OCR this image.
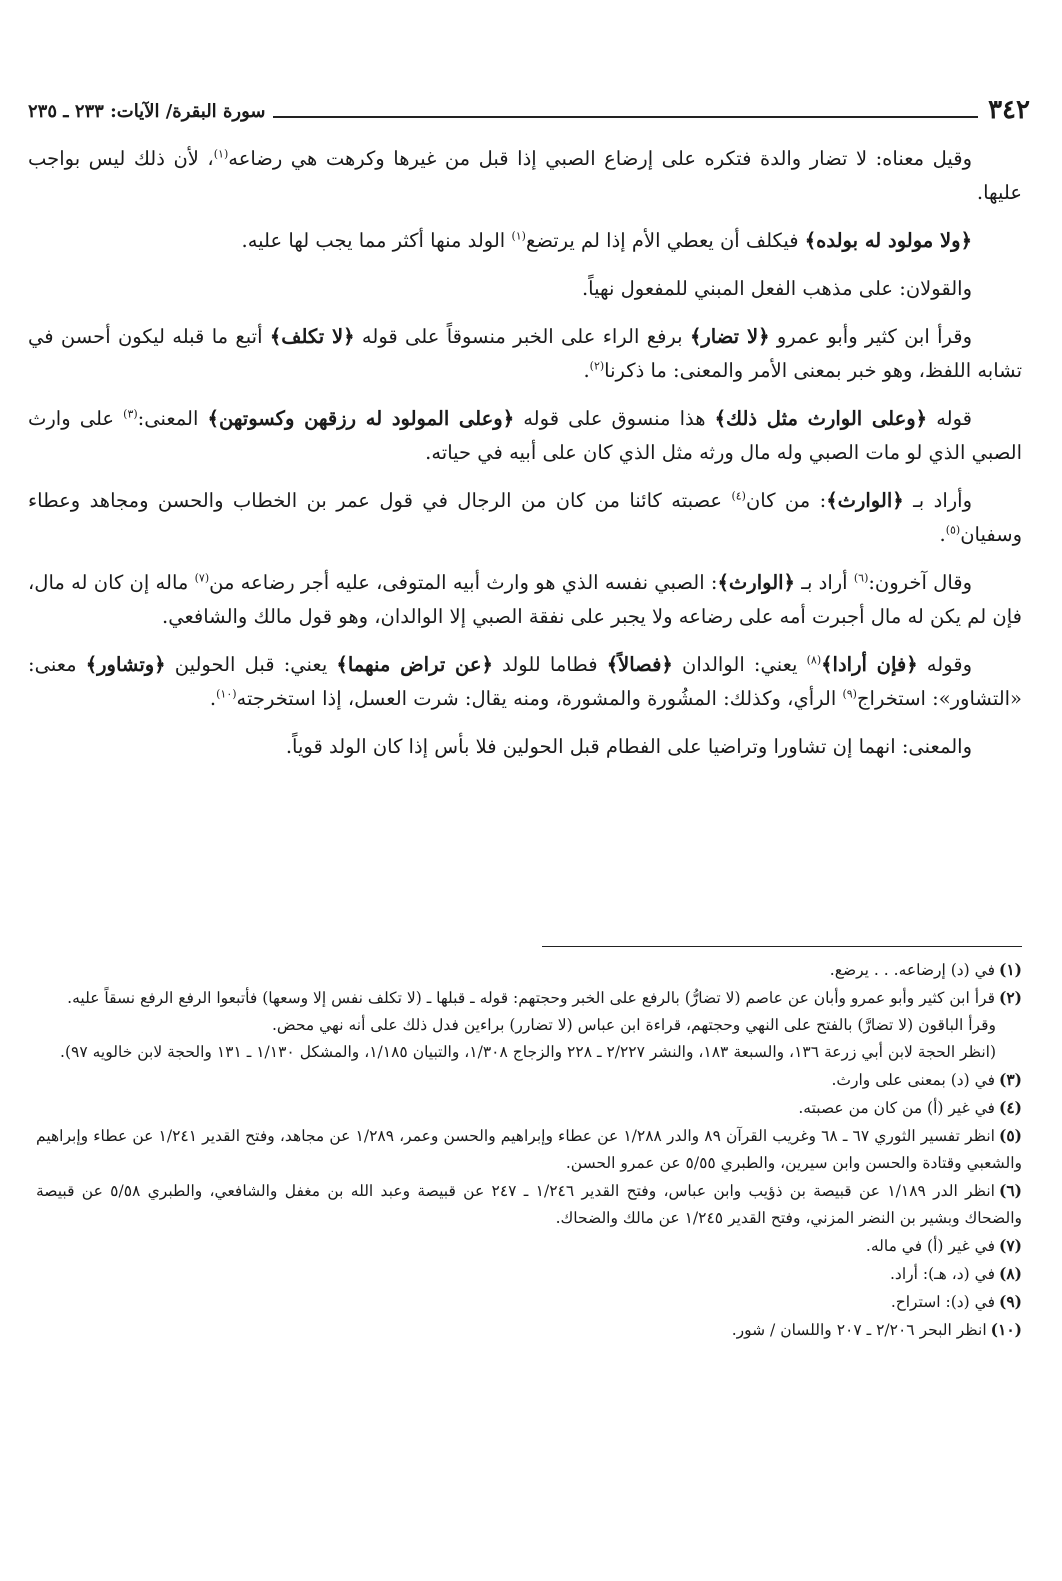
٣٤٢
سورة البقرة/ الآيات: ٢٣٣ ـ ٢٣٥

وقيل معناه: لا تضار والدة فتكره على إرضاع الصبي إذا قبل من غيرها وكرهت هي رضاعه$^{(١)}$، لأن ذلك ليس بواجب عليها.

﴿ولا مولود له بولده﴾ فيكلف أن يعطي الأم إذا لم يرتضع$^{(١)}$ الولد منها أكثر مما يجب لها عليه.

والقولان: على مذهب الفعل المبني للمفعول نهياً.

وقرأ ابن كثير وأبو عمرو ﴿لا تضار﴾ برفع الراء على الخبر منسوقاً على قوله ﴿لا تكلف﴾ أتبع ما قبله ليكون أحسن في تشابه اللفظ، وهو خبر بمعنى الأمر والمعنى: ما ذكرنا$^{(٢)}$.

قوله ﴿وعلى الوارث مثل ذلك﴾ هذا منسوق على قوله ﴿وعلى المولود له رزقهن وكسوتهن﴾ المعنى:$^{(٣)}$ على وارث الصبي الذي لو مات الصبي وله مال ورثه مثل الذي كان على أبيه في حياته.

وأراد بـ ﴿الوارث﴾: من كان$^{(٤)}$ عصبته كائنا من كان من الرجال في قول عمر بن الخطاب والحسن ومجاهد وعطاء وسفيان$^{(٥)}$.

وقال آخرون:$^{(٦)}$ أراد بـ ﴿الوارث﴾: الصبي نفسه الذي هو وارث أبيه المتوفى، عليه أجر رضاعه من$^{(٧)}$ ماله إن كان له مال، فإن لم يكن له مال أجبرت أمه على رضاعه ولا يجبر على نفقة الصبي إلا الوالدان، وهو قول مالك والشافعي.

وقوله ﴿فإن أرادا﴾$^{(٨)}$ يعني: الوالدان ﴿فصالاً﴾ فطاما للولد ﴿عن تراض منهما﴾ يعني: قبل الحولين ﴿وتشاور﴾ معنى: «التشاور»: استخراج$^{(٩)}$ الرأي، وكذلك: المشُورة والمشورة، ومنه يقال: شرت العسل، إذا استخرجته$^{(١٠)}$.

والمعنى: انهما إن تشاورا وتراضيا على الفطام قبل الحولين فلا بأس إذا كان الولد قوياً.

(١)في (د) إرضاعه. . . يرضع.

(٢)قرأ ابن كثير وأبو عمرو وأبان عن عاصم (لا تضارُّ) بالرفع على الخبر وحجتهم: قوله ـ قبلها ـ (لا تكلف نفس إلا وسعها) فأتبعوا الرفع الرفع نسقاً عليه.

وقرأ الباقون (لا تضارَّ) بالفتح على النهي وحجتهم، قراءة ابن عباس (لا تضارر) براءين فدل ذلك على أنه نهي محض.

(انظر الحجة لابن أبي زرعة ١٣٦، والسبعة ١٨٣، والنشر ٢/٢٢٧ ـ ٢٢٨ والزجاج ١/٣٠٨، والتبيان ١/١٨٥، والمشكل ١/١٣٠ ـ ١٣١ والحجة لابن خالويه ٩٧).

(٣)في (د) بمعنى على وارث.

(٤)في غير (أ) من كان من عصبته.

(٥)انظر تفسير الثوري ٦٧ ـ ٦٨ وغريب القرآن ٨٩ والدر ١/٢٨٨ عن عطاء وإبراهيم والحسن وعمر، ١/٢٨٩ عن مجاهد، وفتح القدير ١/٢٤١ عن عطاء وإبراهيم والشعبي وقتادة والحسن وابن سيرين، والطبري ٥/٥٥ عن عمرو الحسن.

(٦)انظر الدر ١/١٨٩ عن قبيصة بن ذؤيب وابن عباس، وفتح القدير ١/٢٤٦ ـ ٢٤٧ عن قبيصة وعبد الله بن مغفل والشافعي، والطبري ٥/٥٨ عن قبيصة والضحاك وبشير بن النضر المزني، وفتح القدير ١/٢٤٥ عن مالك والضحاك.

(٧)في غير (أ) في ماله.

(٨)في (د، هـ): أراد.

(٩)في (د): استراح.

(١٠)انظر البحر ٢/٢٠٦ ـ ٢٠٧ واللسان / شور.
